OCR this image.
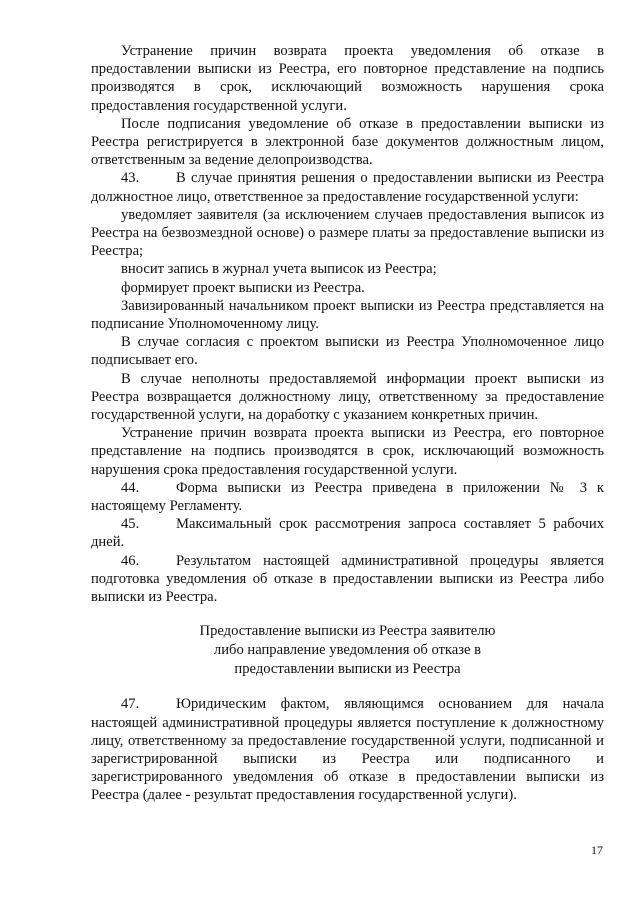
Устранение причин возврата проекта уведомления об отказе в предоставлении выписки из Реестра, его повторное представление на подпись производятся в срок, исключающий возможность нарушения срока предоставления государственной услуги.

После подписания уведомление об отказе в предоставлении выписки из Реестра регистрируется в электронной базе документов должностным лицом, ответственным за ведение делопроизводства.

43.	В случае принятия решения о предоставлении выписки из Реестра должностное лицо, ответственное за предоставление государственной услуги:

уведомляет заявителя (за исключением случаев предоставления выписок из Реестра на безвозмездной основе) о размере платы за предоставление выписки из Реестра;

вносит запись в журнал учета выписок из Реестра;

формирует проект выписки из Реестра.

Завизированный начальником проект выписки из Реестра представляется на подписание Уполномоченному лицу.

В случае согласия с проектом выписки из Реестра Уполномоченное лицо подписывает его.

В случае неполноты предоставляемой информации проект выписки из Реестра возвращается должностному лицу, ответственному за предоставление государственной услуги, на доработку с указанием конкретных причин.

Устранение причин возврата проекта выписки из Реестра, его повторное представление на подпись производятся в срок, исключающий возможность нарушения срока предоставления государственной услуги.

44.	Форма выписки из Реестра приведена в приложении № 3 к настоящему Регламенту.

45.	Максимальный срок рассмотрения запроса составляет 5 рабочих дней.

46.	Результатом настоящей административной процедуры является подготовка уведомления об отказе в предоставлении выписки из Реестра либо выписки из Реестра.

Предоставление выписки из Реестра заявителю
либо направление уведомления об отказе в
предоставлении выписки из Реестра

47.	Юридическим фактом, являющимся основанием для начала настоящей административной процедуры является поступление к должностному лицу, ответственному за предоставление государственной услуги, подписанной и зарегистрированной выписки из Реестра или подписанного и зарегистрированного уведомления об отказе в предоставлении выписки из Реестра (далее - результат предоставления государственной услуги).

17
